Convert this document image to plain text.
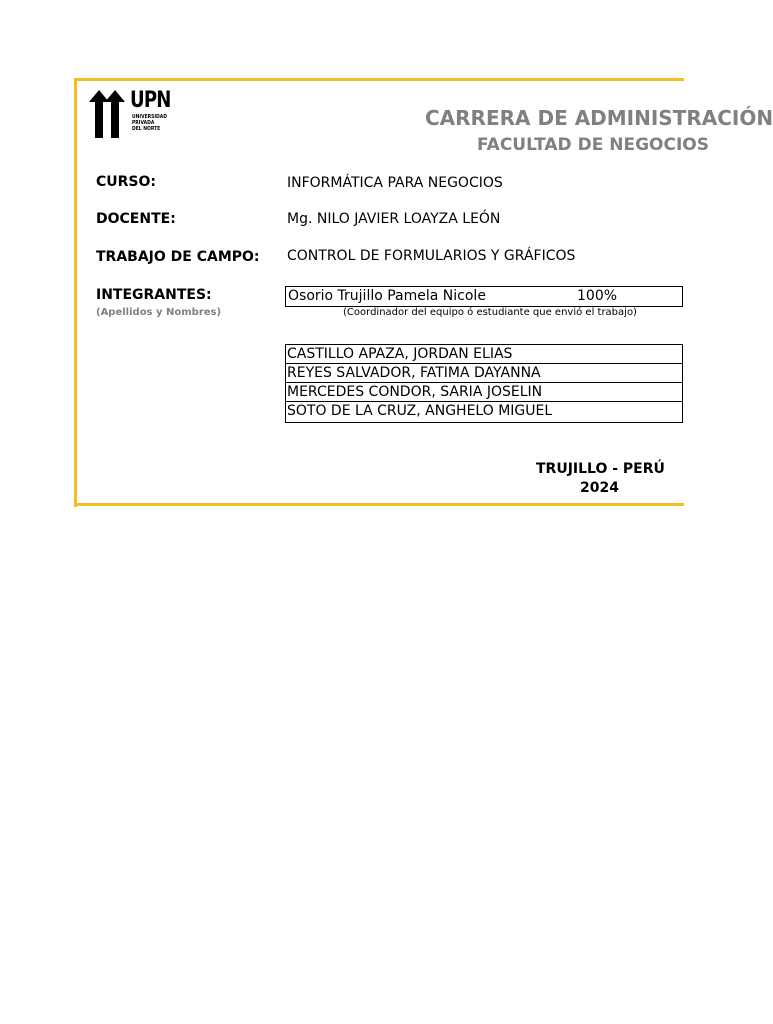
UPN
UNIVERSIDAD
PRIVADA
DEL NORTE	CARRERA DE ADMINISTRACIÓN
FACULTAD DE NEGOCIOS
CURSO:	INFORMÁTICA PARA NEGOCIOS
DOCENTE:	Mg. NILO JAVIER LOAYZA LEÓN
TRABAJO DE CAMPO: CONTROL DE FORMULARIOS Y GRÁFICOS
INTEGRANTES:
(Apellidos y Nombres)
Osorio Trujillo Pamela Nicole	100%
(Coordinador del equipo ó estudiante que envió el trabajo)
CASTILLO APAZA, JORDAN ELIAS
REYES SALVADOR, FATIMA DAYANNA
MERCEDES CONDOR, SARIA JOSELIN
SOTO DE LA CRUZ, ANGHELO MIGUEL
TRUJILLO - PERÚ
2024
